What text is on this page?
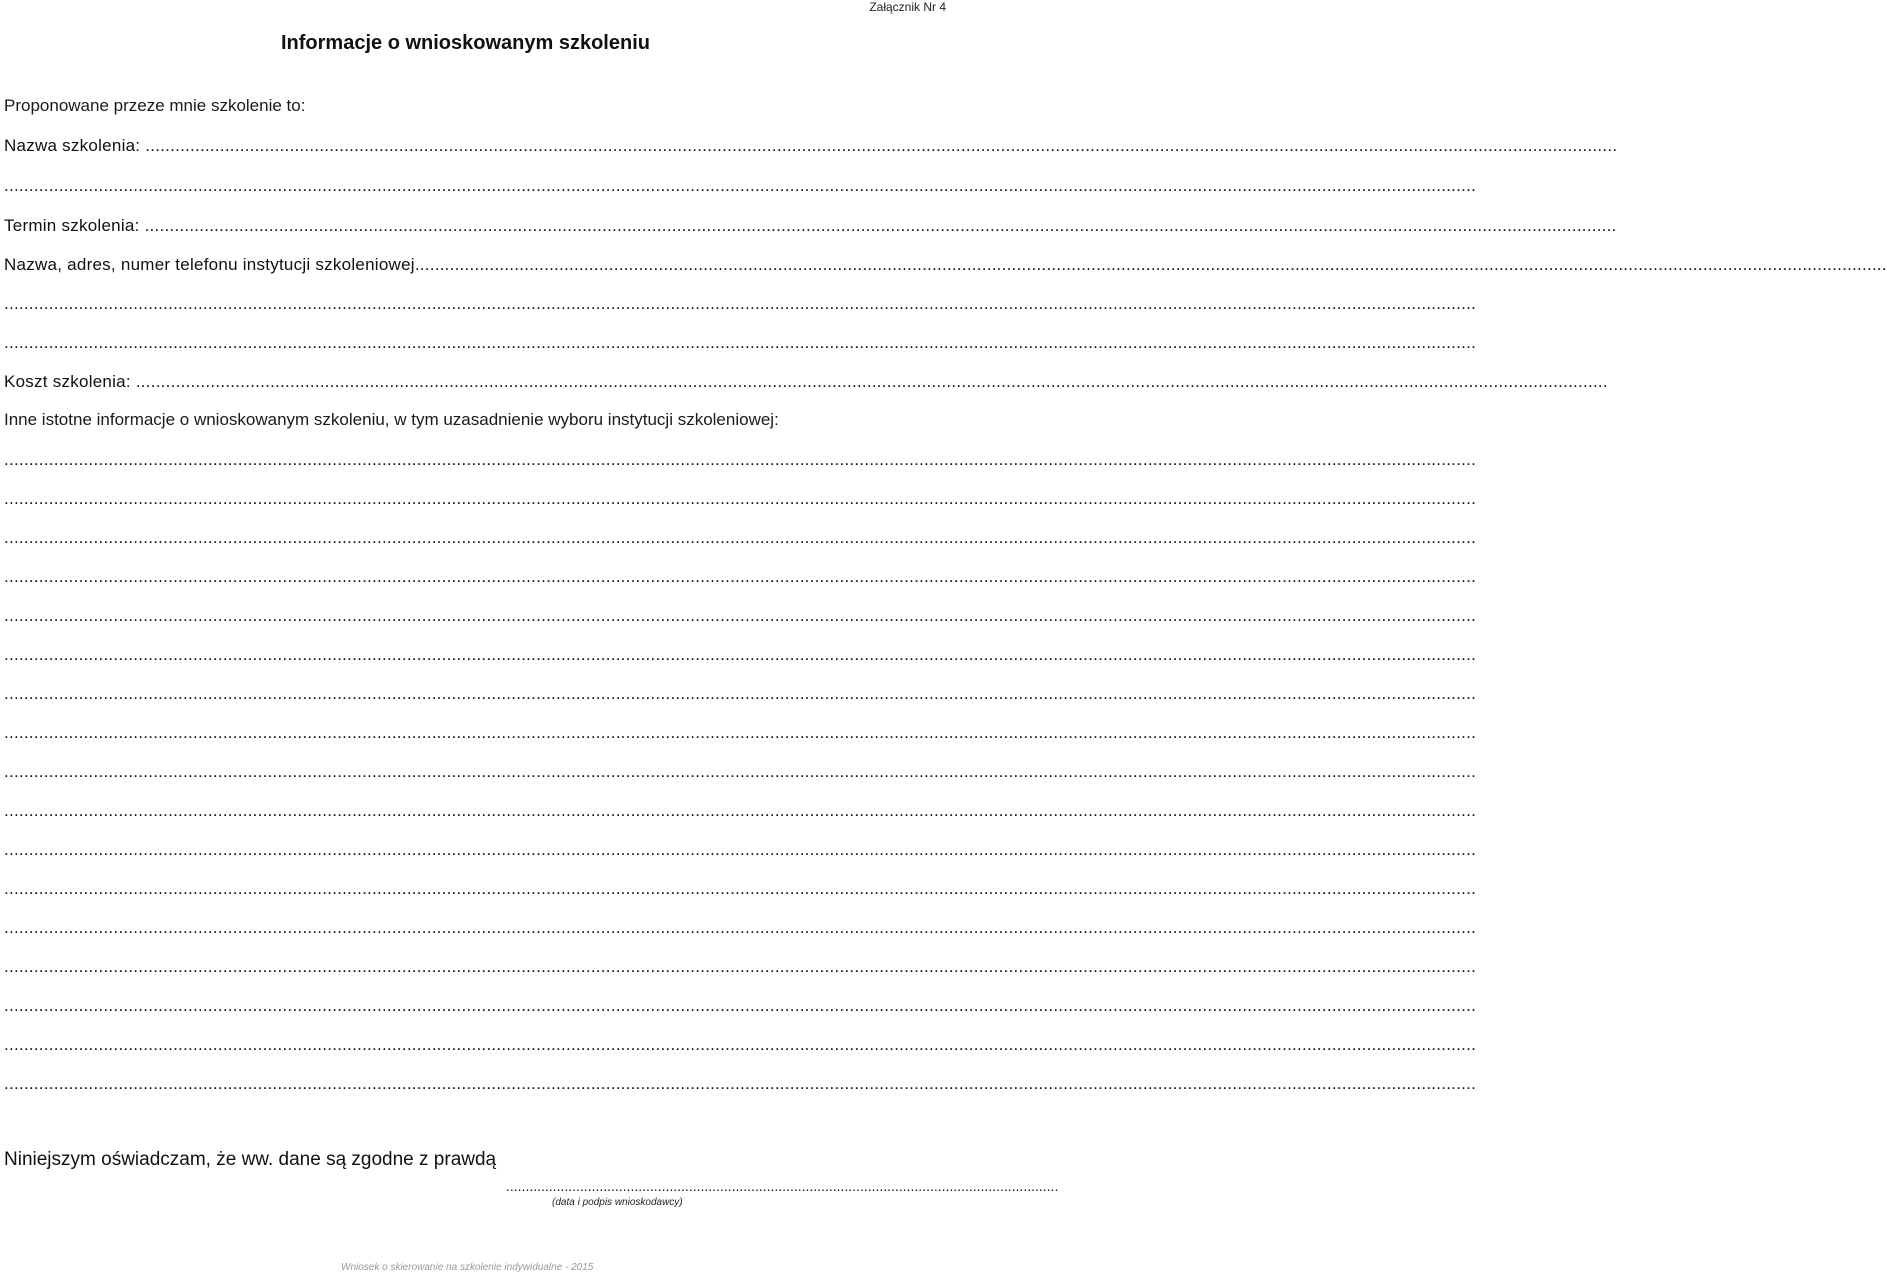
Załącznik Nr 4
Informacje o wnioskowanym szkoleniu
Proponowane przeze mnie szkolenie to:
Nazwa szkolenia: ........................................................................................................................................................................................................................................................................................................
........................................................................................................................................................................................................................................................................................................
Termin szkolenia: ........................................................................................................................................................................................................................................................................................................
Nazwa, adres, numer telefonu instytucji szkoleniowej........................................................................................................................................................................................................................................................................................................
........................................................................................................................................................................................................................................................................................................
........................................................................................................................................................................................................................................................................................................
Koszt szkolenia: ........................................................................................................................................................................................................................................................................................................
Inne istotne informacje o wnioskowanym szkoleniu, w tym uzasadnienie wyboru instytucji szkoleniowej:
........................................................................................................................................................................................................................................................................................................
........................................................................................................................................................................................................................................................................................................
........................................................................................................................................................................................................................................................................................................
........................................................................................................................................................................................................................................................................................................
........................................................................................................................................................................................................................................................................................................
........................................................................................................................................................................................................................................................................................................
........................................................................................................................................................................................................................................................................................................
........................................................................................................................................................................................................................................................................................................
........................................................................................................................................................................................................................................................................................................
........................................................................................................................................................................................................................................................................................................
........................................................................................................................................................................................................................................................................................................
........................................................................................................................................................................................................................................................................................................
........................................................................................................................................................................................................................................................................................................
........................................................................................................................................................................................................................................................................................................
........................................................................................................................................................................................................................................................................................................
........................................................................................................................................................................................................................................................................................................
........................................................................................................................................................................................................................................................................................................
Niniejszym oświadczam, że ww. dane są zgodne z prawdą
..............................................................................................................................................
(data i podpis wnioskodawcy)
Wniosek o skierowanie na szkolenie indywidualne - 2015
